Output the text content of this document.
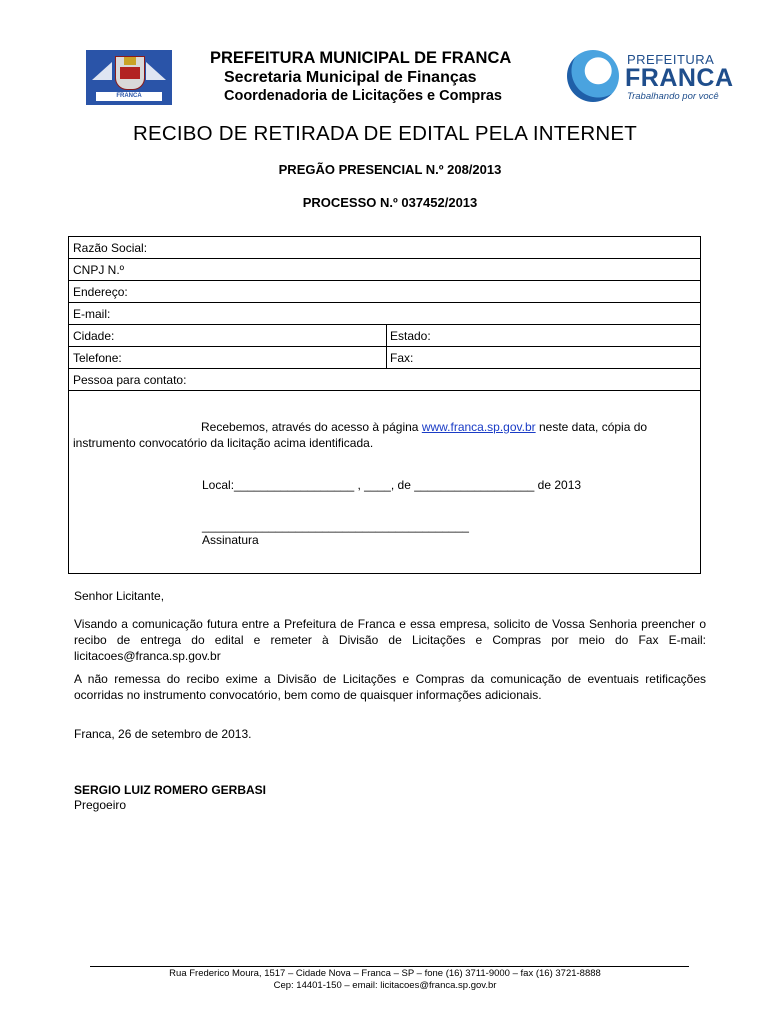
FRANCA
PREFEITURA MUNICIPAL DE FRANCA
Secretaria Municipal de Finanças
Coordenadoria de Licitações e Compras
PREFEITURA
FRANCA
Trabalhando por você
RECIBO DE RETIRADA DE EDITAL PELA INTERNET
PREGÃO PRESENCIAL N.º 208/2013
PROCESSO N.º 037452/2013
Razão Social:
CNPJ N.º
Endereço:
E-mail:
Cidade:	Estado:
Telefone:	Fax:
Pessoa para contato:
Recebemos, através do acesso à página www.franca.sp.gov.br neste data, cópia do
instrumento convocatório da licitação acima identificada.
Local:__________________ , ____, de __________________ de 2013
________________________________________
Assinatura
Senhor Licitante,
Visando a comunicação futura entre a Prefeitura de Franca e essa empresa, solicito de Vossa Senhoria preencher o recibo de entrega do edital e remeter à Divisão de Licitações e Compras por meio do Fax E-mail: licitacoes@franca.sp.gov.br
A não remessa do recibo exime a Divisão de Licitações e Compras da comunicação de eventuais retificações ocorridas no instrumento convocatório, bem como de quaisquer informações adicionais.
Franca, 26 de setembro de 2013.
SERGIO LUIZ ROMERO GERBASI
Pregoeiro
Rua Frederico Moura, 1517 – Cidade Nova – Franca – SP – fone (16) 3711-9000 – fax (16) 3721-8888
Cep: 14401-150 – email: licitacoes@franca.sp.gov.br
